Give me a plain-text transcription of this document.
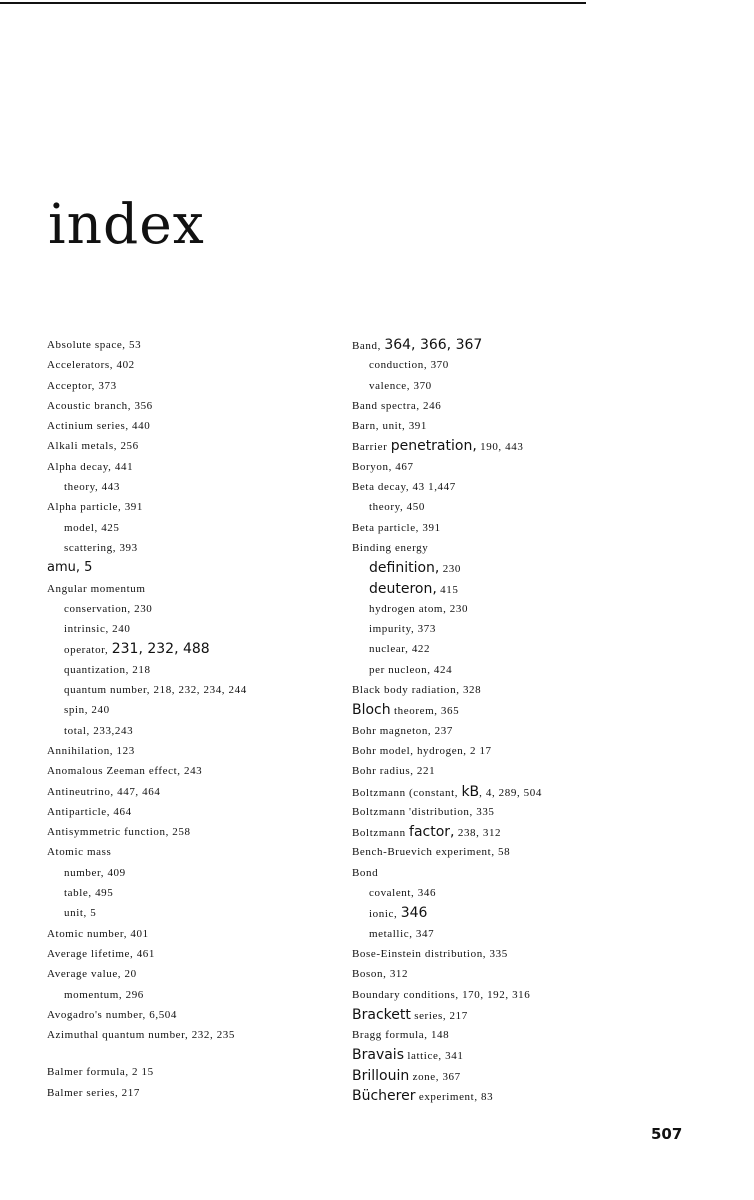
index
Absolute space, 53
Accelerators, 402
Acceptor, 373
Acoustic branch, 356
Actinium series, 440
Alkali metals, 256
Alpha decay, 441
theory, 443
Alpha particle, 391
model, 425
scattering, 393
amu, 5
Angular momentum
conservation, 230
intrinsic, 240
operator, 231, 232, 488
quantization, 218
quantum number, 218, 232, 234, 244
spin, 240
total, 233,243
Annihilation, 123
Anomalous Zeeman effect, 243
Antineutrino, 447, 464
Antiparticle, 464
Antisymmetric function, 258
Atomic mass
number, 409
table, 495
unit, 5
Atomic number, 401
Average lifetime, 461
Average value, 20
momentum, 296
Avogadro's number, 6,504
Azimuthal quantum number, 232, 235
Balmer formula, 2 15
Balmer series, 217
Band, 364, 366, 367
conduction, 370
valence, 370
Band spectra, 246
Barn, unit, 391
Barrier penetration, 190, 443
Boryon, 467
Beta decay, 43 1,447
theory, 450
Beta particle, 391
Binding energy
definition, 230
deuteron, 415
hydrogen atom, 230
impurity, 373
nuclear, 422
per nucleon, 424
Black body radiation, 328
Bloch theorem, 365
Bohr magneton, 237
Bohr model, hydrogen, 2 17
Bohr radius, 221
Boltzmann (constant, kB, 4, 289, 504
Boltzmann 'distribution, 335
Boltzmann factor, 238, 312
Bench-Bruevich experiment, 58
Bond
covalent, 346
ionic, 346
metallic, 347
Bose-Einstein distribution, 335
Boson, 312
Boundary conditions, 170, 192, 316
Brackett series, 217
Bragg formula, 148
Bravais lattice, 341
Brillouin zone, 367
Bücherer experiment, 83
507
